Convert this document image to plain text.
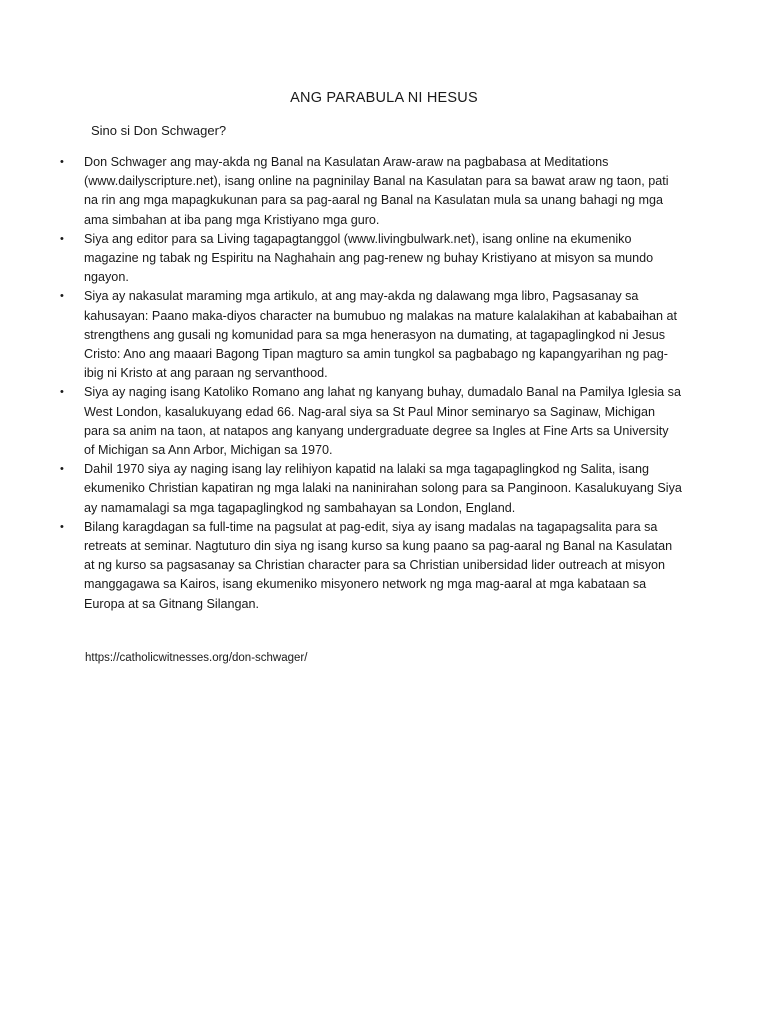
ANG PARABULA NI HESUS

Sino si Don Schwager?

•	Don Schwager ang may-akda ng Banal na Kasulatan Araw-araw na pagbabasa at Meditations (www.dailyscripture.net), isang online na pagninilay Banal na Kasulatan para sa bawat araw ng taon, pati na rin ang mga mapagkukunan para sa pag-aaral ng Banal na Kasulatan mula sa unang bahagi ng mga ama simbahan at iba pang mga Kristiyano mga guro.
•	Siya ang editor para sa Living tagapagtanggol (www.livingbulwark.net), isang online na ekumeniko magazine ng tabak ng Espiritu na Naghahain ang pag-renew ng buhay Kristiyano at misyon sa mundo ngayon.
•	Siya ay nakasulat maraming mga artikulo, at ang may-akda ng dalawang mga libro, Pagsasanay sa kahusayan: Paano maka-diyos character na bumubuo ng malakas na mature kalalakihan at kababaihan at strengthens ang gusali ng komunidad para sa mga henerasyon na dumating, at tagapaglingkod ni Jesus Cristo: Ano ang maaari Bagong Tipan magturo sa amin tungkol sa pagbabago ng kapangyarihan ng pag-ibig ni Kristo at ang paraan ng servanthood.
•	Siya ay naging isang Katoliko Romano ang lahat ng kanyang buhay, dumadalo Banal na Pamilya Iglesia sa West London, kasalukuyang edad 66. Nag-aral siya sa St Paul Minor seminaryo sa Saginaw, Michigan para sa anim na taon, at natapos ang kanyang undergraduate degree sa Ingles at Fine Arts sa University of Michigan sa Ann Arbor, Michigan sa 1970.
•	Dahil 1970 siya ay naging isang lay relihiyon kapatid na lalaki sa mga tagapaglingkod ng Salita, isang ekumeniko Christian kapatiran ng mga lalaki na naninirahan solong para sa Panginoon. Kasalukuyang Siya ay namamalagi sa mga tagapaglingkod ng sambahayan sa London, England.
•	Bilang karagdagan sa full-time na pagsulat at pag-edit, siya ay isang madalas na tagapagsalita para sa retreats at seminar. Nagtuturo din siya ng isang kurso sa kung paano sa pag-aaral ng Banal na Kasulatan at ng kurso sa pagsasanay sa Christian character para sa Christian unibersidad lider outreach at misyon manggagawa sa Kairos, isang ekumeniko misyonero network ng mga mag-aaral at mga kabataan sa Europa at sa Gitnang Silangan.

https://catholicwitnesses.org/don-schwager/
